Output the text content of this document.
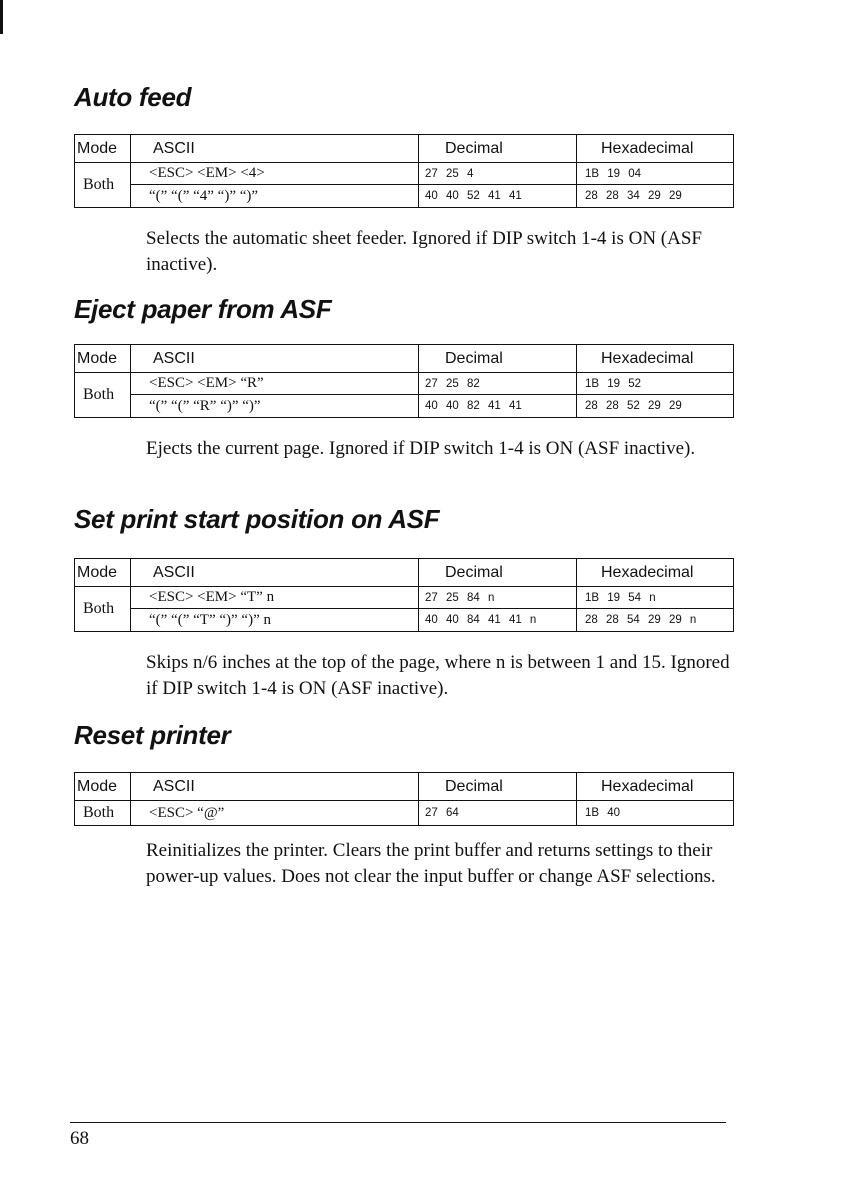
Auto feed
Mode	ASCII	Decimal	Hexadecimal
Both
<ESC> <EM> <4>	27 25 4	1B 19 04
“(” “(” “4” “)” “)”	40 40 52 41 41	28 28 34 29 29

Selects the automatic sheet feeder. Ignored if DIP switch 1-4 is ON (ASF inactive).

Eject paper from ASF
Mode	ASCII	Decimal	Hexadecimal
Both
<ESC> <EM> “R”	27 25 82	1B 19 52
“(” “(” “R” “)” “)”	40 40 82 41 41	28 28 52 29 29

Ejects the current page. Ignored if DIP switch 1-4 is ON (ASF inactive).

Set print start position on ASF
Mode	ASCII	Decimal	Hexadecimal
Both
<ESC> <EM> “T” n	27 25 84 n	1B 19 54 n
“(” “(” “T” “)” “)” n	40 40 84 41 41 n	28 28 54 29 29 n

Skips n/6 inches at the top of the page, where n is between 1 and 15. Ignored if DIP switch 1-4 is ON (ASF inactive).

Reset printer
Mode	ASCII	Decimal	Hexadecimal
Both	<ESC> “@”	27 64	1B 40

Reinitializes the printer. Clears the print buffer and returns settings to their power-up values. Does not clear the input buffer or change ASF selections.

68
